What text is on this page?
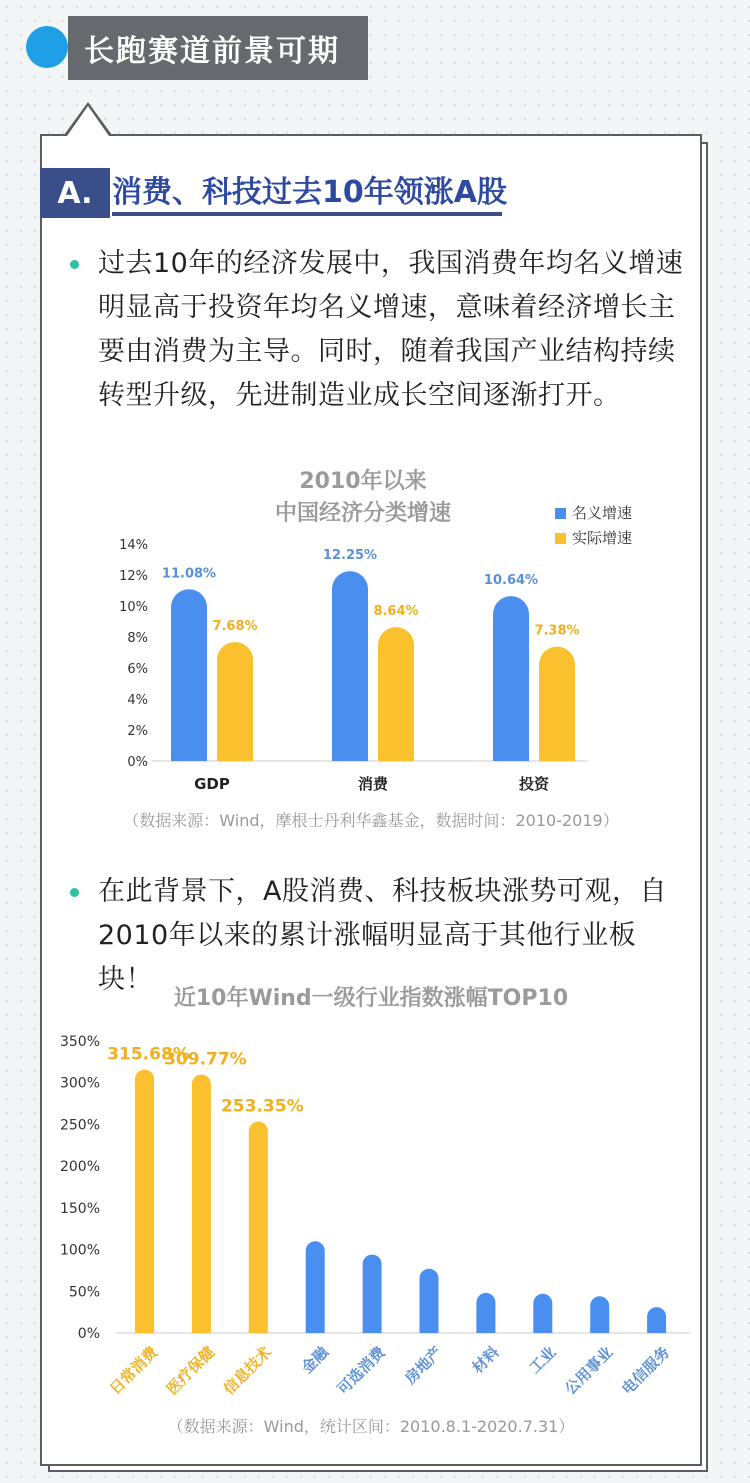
长跑赛道前景可期
A. 消费、科技过去10年领涨A股
过去10年的经济发展中，我国消费年均名义增速
明显高于投资年均名义增速，意味着经济增长主
要由消费为主导。同时，随着我国产业结构持续
转型升级，先进制造业成长空间逐渐打开。
2010年以来
中国经济分类增速	名义增速
实际增速
0%
2%
4%
6%
8%
10%
12%
14%
11.08%
7.68%
GDP
12.25%
8.64%
消费
10.64%
7.38%
投资
（数据来源：Wind，摩根士丹利华鑫基金，数据时间：2010-2019）
在此背景下，A股消费、科技板块涨势可观，自
2010年以来的累计涨幅明显高于其他行业板块！
近10年Wind一级行业指数涨幅TOP10
0%
50%
100%
150%
200%
250%
300%
350%
315.68%
日常消费
309.77%
医疗保健
253.35%
信息技术 金融 可选消费 房地产 材料 工业 公用事业 电信服务
（数据来源：Wind，统计区间：2010.8.1-2020.7.31）
